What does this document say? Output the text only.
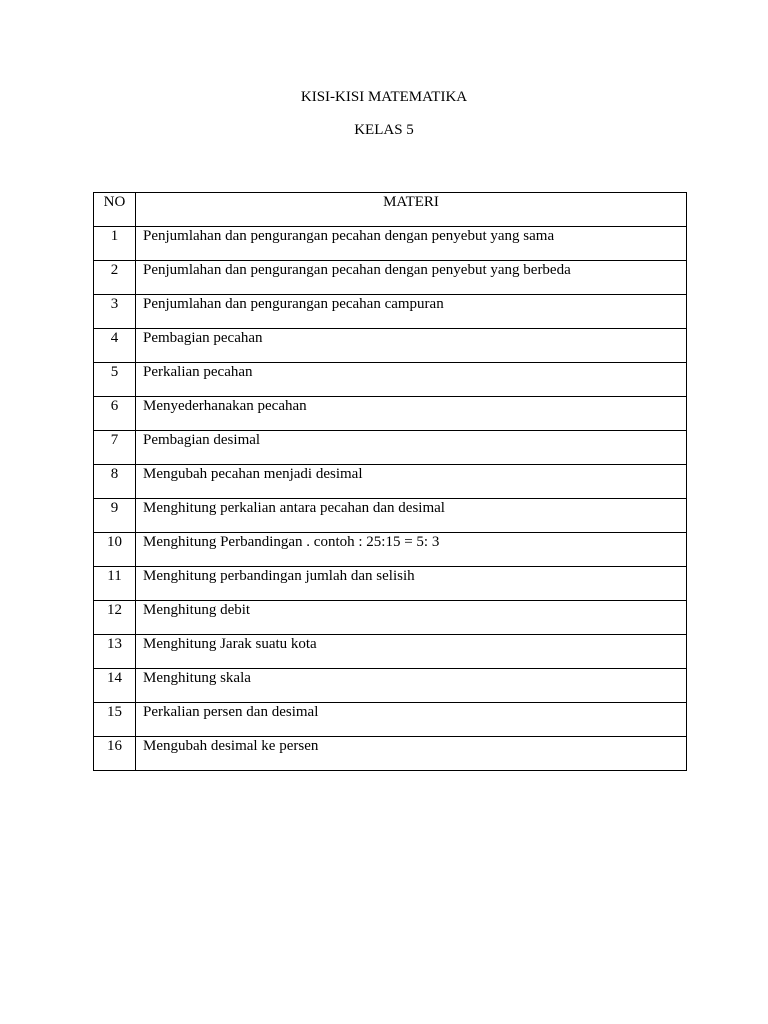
KISI-KISI MATEMATIKA
KELAS 5
NO	MATERI

1	Penjumlahan dan pengurangan pecahan dengan penyebut yang sama

2	Penjumlahan dan pengurangan pecahan dengan penyebut yang berbeda

3	Penjumlahan dan pengurangan pecahan campuran

4	Pembagian pecahan

5	Perkalian pecahan

6	Menyederhanakan pecahan

7	Pembagian desimal

8	Mengubah pecahan menjadi desimal

9	Menghitung perkalian antara pecahan dan desimal

10	Menghitung Perbandingan . contoh : 25:15 = 5: 3

11	Menghitung perbandingan jumlah dan selisih

12	Menghitung debit

13	Menghitung Jarak suatu kota

14	Menghitung skala

15	Perkalian persen dan desimal

16	Mengubah desimal ke persen
